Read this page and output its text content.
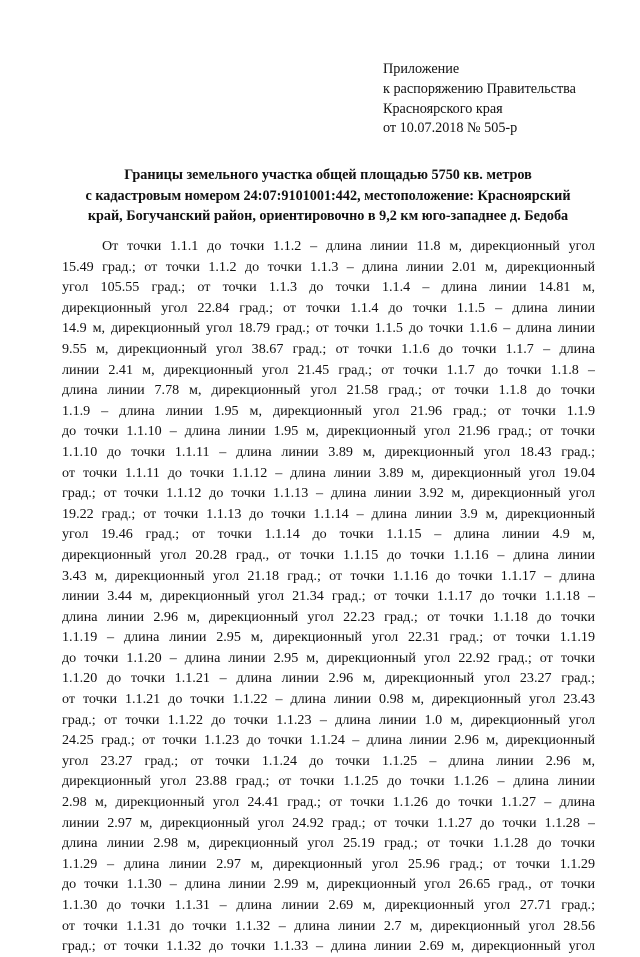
Приложение
к распоряжению Правительства
Красноярского края
от 10.07.2018 № 505-р
Границы земельного участка общей площадью 5750 кв. метров
с кадастровым номером 24:07:9101001:442, местоположение: Красноярский
край, Богучанский район, ориентировочно в 9,2 км юго-западнее д. Бедоба
От точки 1.1.1 до точки 1.1.2 – длина линии 11.8 м, дирекционный угол
15.49 град.; от точки 1.1.2 до точки 1.1.3 – длина линии 2.01 м, дирекционный
угол 105.55 град.; от точки 1.1.3 до точки 1.1.4 – длина линии 14.81 м,
дирекционный угол 22.84 град.; от точки 1.1.4 до точки 1.1.5 – длина линии
14.9 м, дирекционный угол 18.79 град.; от точки 1.1.5 до точки 1.1.6 – длина линии
9.55 м, дирекционный угол 38.67 град.; от точки 1.1.6 до точки 1.1.7 – длина
линии 2.41 м, дирекционный угол 21.45 град.; от точки 1.1.7 до точки 1.1.8 –
длина линии 7.78 м, дирекционный угол 21.58 град.; от точки 1.1.8 до точки
1.1.9 – длина линии 1.95 м, дирекционный угол 21.96 град.; от точки 1.1.9
до точки 1.1.10 – длина линии 1.95 м, дирекционный угол 21.96 град.; от точки
1.1.10 до точки 1.1.11 – длина линии 3.89 м, дирекционный угол 18.43 град.;
от точки 1.1.11 до точки 1.1.12 – длина линии 3.89 м, дирекционный угол 19.04
град.; от точки 1.1.12 до точки 1.1.13 – длина линии 3.92 м, дирекционный угол
19.22 град.; от точки 1.1.13 до точки 1.1.14 – длина линии 3.9 м, дирекционный
угол 19.46 град.; от точки 1.1.14 до точки 1.1.15 – длина линии 4.9 м,
дирекционный угол 20.28 град., от точки 1.1.15 до точки 1.1.16 – длина линии
3.43 м, дирекционный угол 21.18 град.; от точки 1.1.16 до точки 1.1.17 – длина
линии 3.44 м, дирекционный угол 21.34 град.; от точки 1.1.17 до точки 1.1.18 –
длина линии 2.96 м, дирекционный угол 22.23 град.; от точки 1.1.18 до точки
1.1.19 – длина линии 2.95 м, дирекционный угол 22.31 град.; от точки 1.1.19
до точки 1.1.20 – длина линии 2.95 м, дирекционный угол 22.92 град.; от точки
1.1.20 до точки 1.1.21 – длина линии 2.96 м, дирекционный угол 23.27 град.;
от точки 1.1.21 до точки 1.1.22 – длина линии 0.98 м, дирекционный угол 23.43
град.; от точки 1.1.22 до точки 1.1.23 – длина линии 1.0 м, дирекционный угол
24.25 град.; от точки 1.1.23 до точки 1.1.24 – длина линии 2.96 м, дирекционный
угол 23.27 град.; от точки 1.1.24 до точки 1.1.25 – длина линии 2.96 м,
дирекционный угол 23.88 град.; от точки 1.1.25 до точки 1.1.26 – длина линии
2.98 м, дирекционный угол 24.41 град.; от точки 1.1.26 до точки 1.1.27 – длина
линии 2.97 м, дирекционный угол 24.92 град.; от точки 1.1.27 до точки 1.1.28 –
длина линии 2.98 м, дирекционный угол 25.19 град.; от точки 1.1.28 до точки
1.1.29 – длина линии 2.97 м, дирекционный угол 25.96 град.; от точки 1.1.29
до точки 1.1.30 – длина линии 2.99 м, дирекционный угол 26.65 град., от точки
1.1.30 до точки 1.1.31 – длина линии 2.69 м, дирекционный угол 27.71 град.;
от точки 1.1.31 до точки 1.1.32 – длина линии 2.7 м, дирекционный угол 28.56
град.; от точки 1.1.32 до точки 1.1.33 – длина линии 2.69 м, дирекционный угол
